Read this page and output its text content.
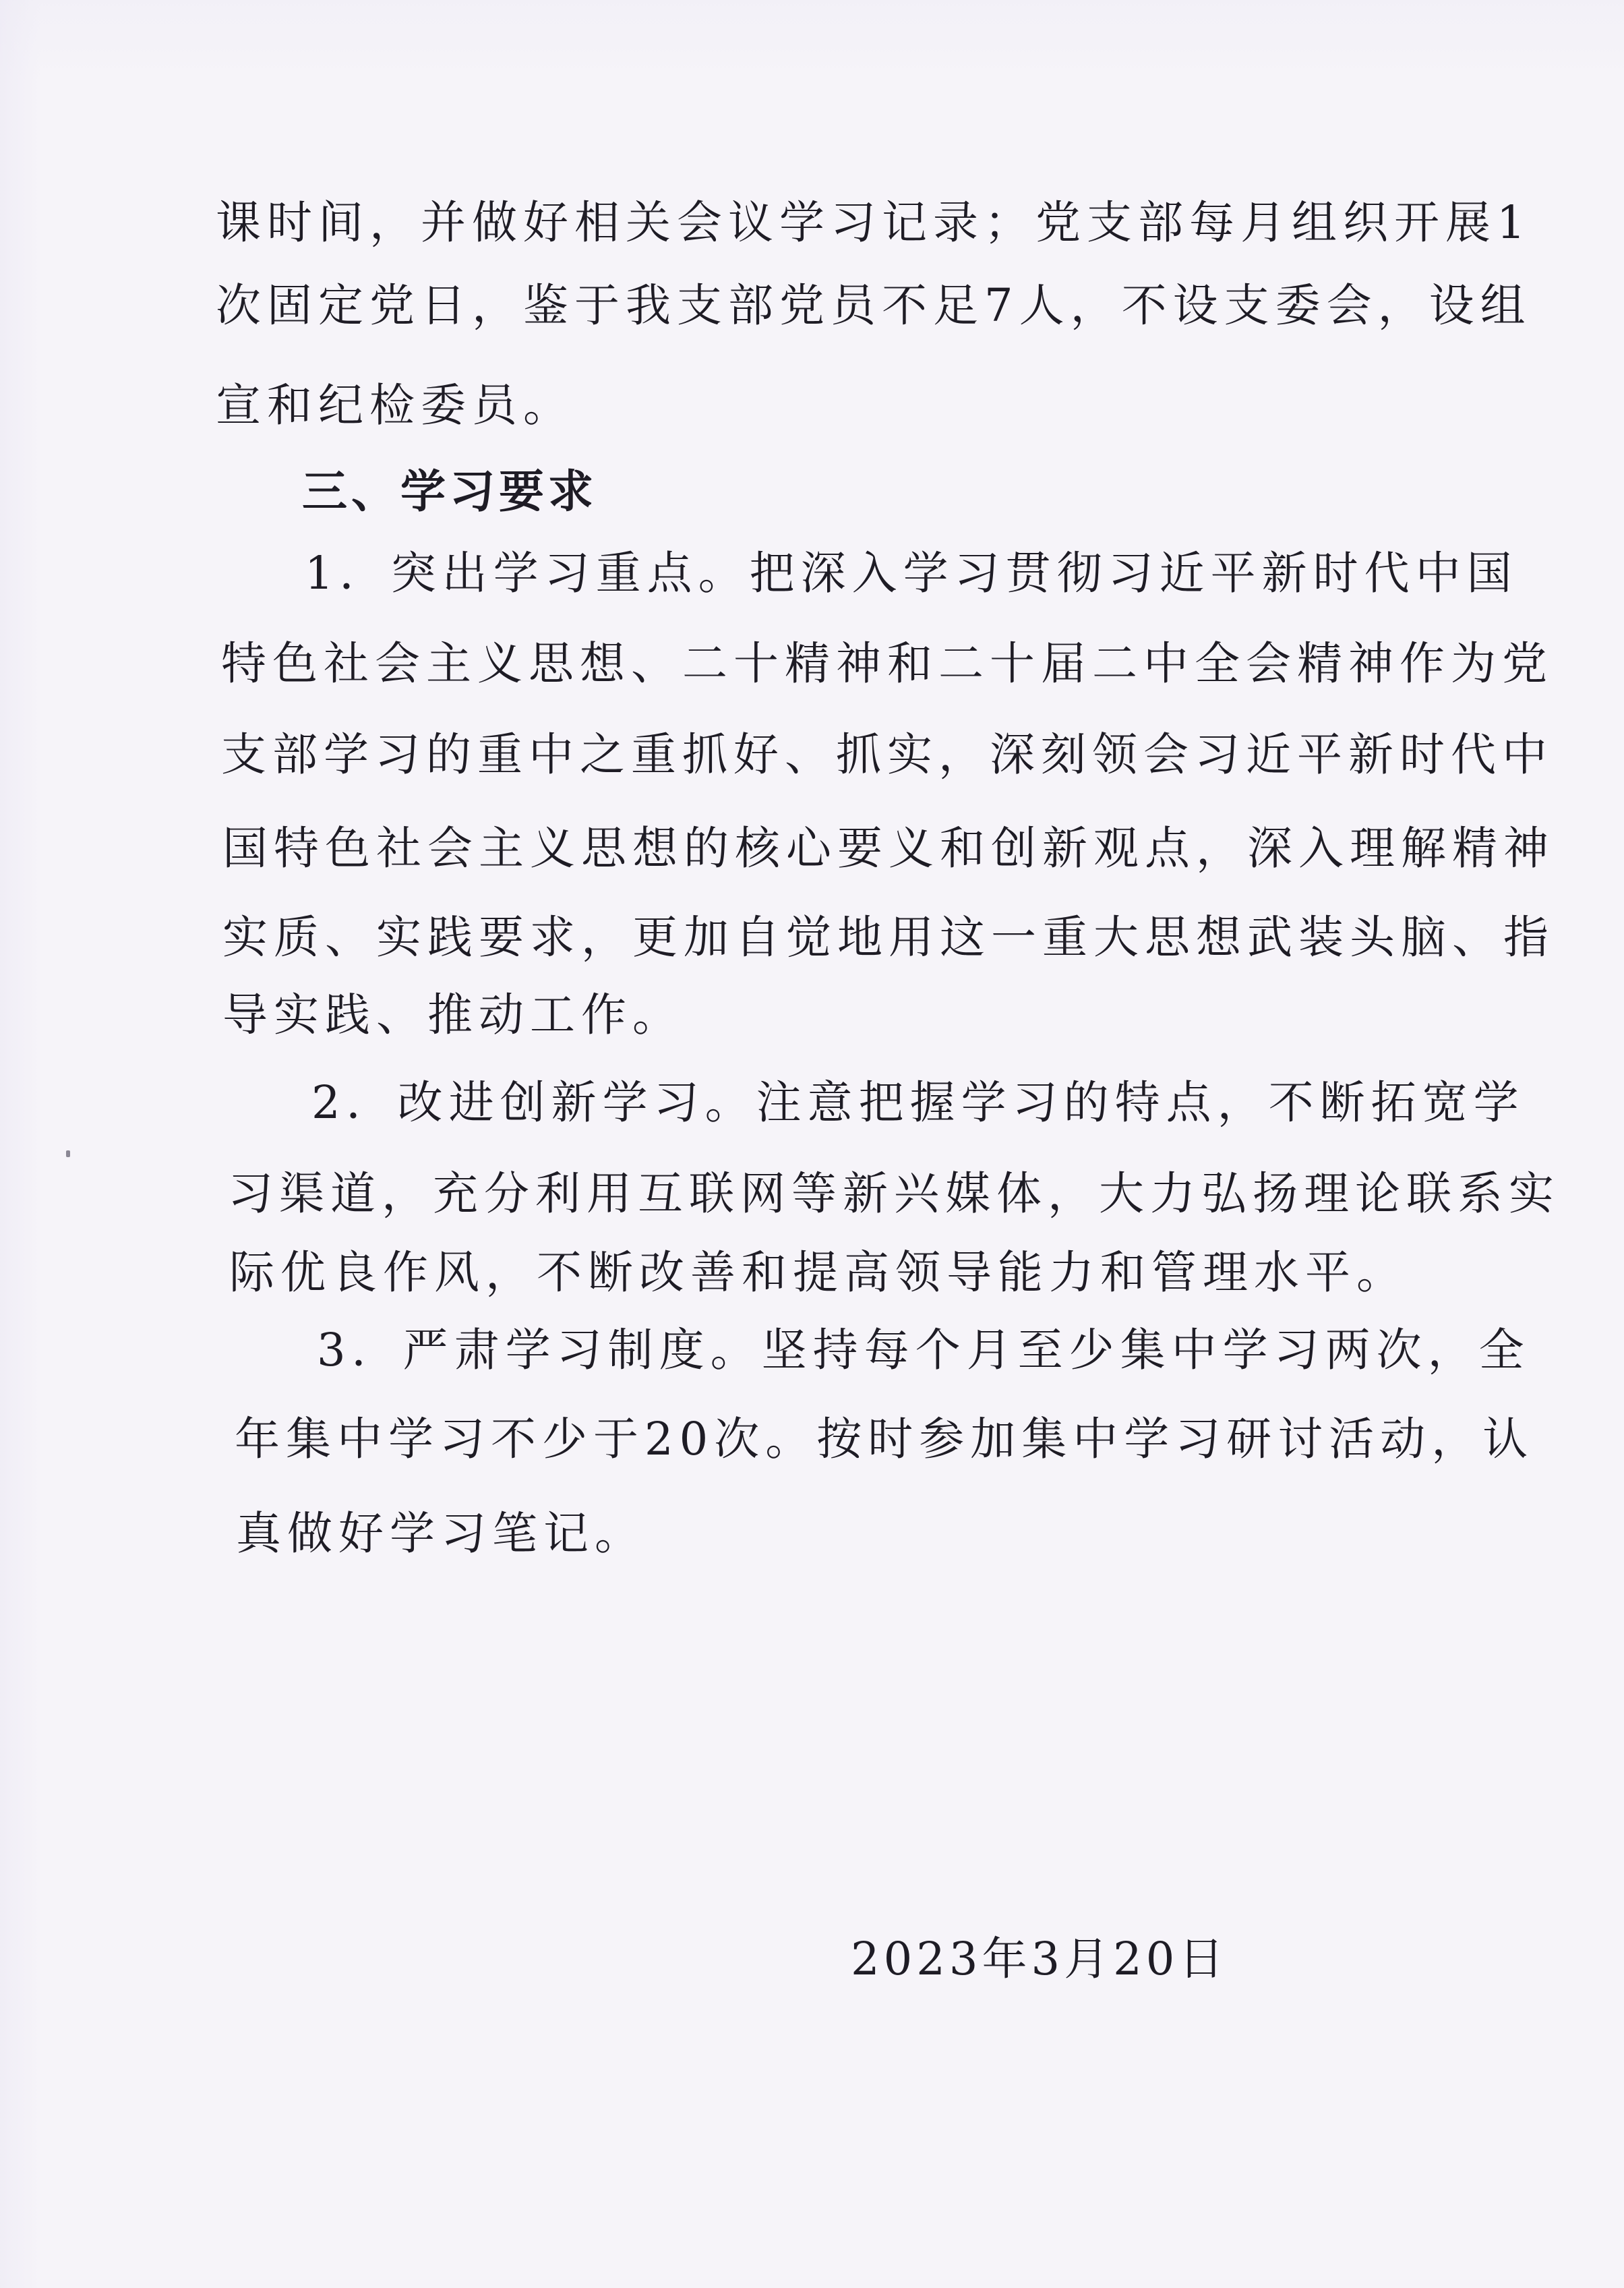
课时间，并做好相关会议学习记录；党支部每月组织开展1
次固定党日，鉴于我支部党员不足7人，不设支委会，设组
宣和纪检委员。
三、学习要求
1．突出学习重点。把深入学习贯彻习近平新时代中国
特色社会主义思想、二十精神和二十届二中全会精神作为党
支部学习的重中之重抓好、抓实，深刻领会习近平新时代中
国特色社会主义思想的核心要义和创新观点，深入理解精神
实质、实践要求，更加自觉地用这一重大思想武装头脑、指
导实践、推动工作。
2．改进创新学习。注意把握学习的特点，不断拓宽学
习渠道，充分利用互联网等新兴媒体，大力弘扬理论联系实
际优良作风，不断改善和提高领导能力和管理水平。
3．严肃学习制度。坚持每个月至少集中学习两次，全
年集中学习不少于20次。按时参加集中学习研讨活动，认
真做好学习笔记。
2023年3月20日
